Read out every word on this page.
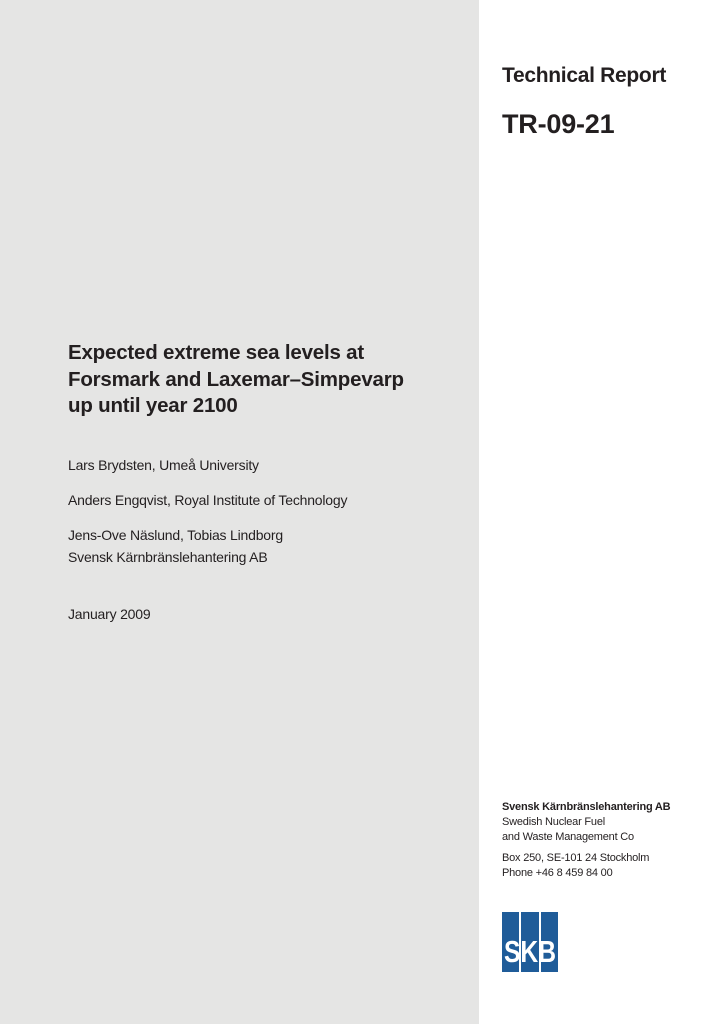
Technical Report
TR-09-21
Expected extreme sea levels at
Forsmark and Laxemar–Simpevarp
up until year 2100
Lars Brydsten, Umeå University
Anders Engqvist, Royal Institute of Technology
Jens-Ove Näslund, Tobias Lindborg
Svensk Kärnbränslehantering AB
January 2009
Svensk Kärnbränslehantering AB
Swedish Nuclear Fuel
and Waste Management Co
Box 250, SE-101 24 Stockholm
Phone +46 8 459 84 00
SKB
